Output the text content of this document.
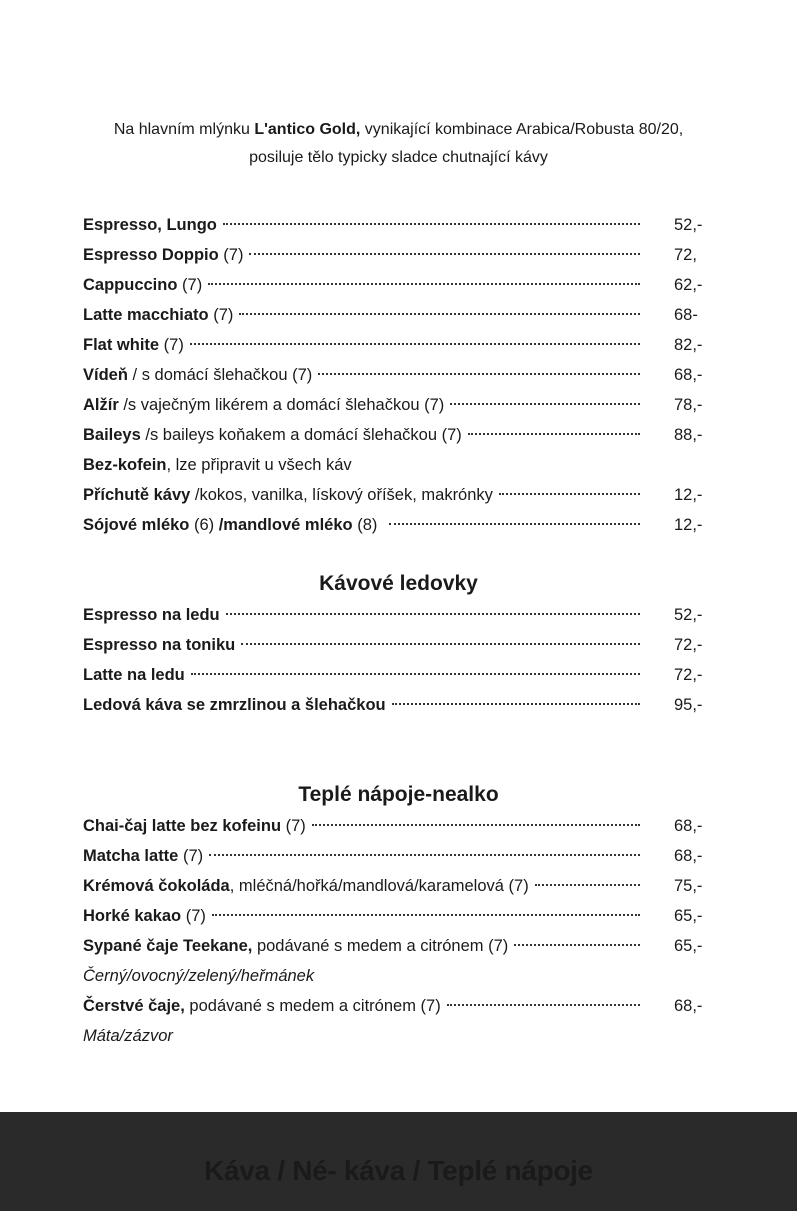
Na hlavním mlýnku L'antico Gold, vynikající kombinace Arabica/Robusta 80/20,
posiluje tělo typicky sladce chutnající kávy
Espresso, Lungo	52,-
Espresso Doppio (7)	72,
Cappuccino (7)	62,-
Latte macchiato (7)	68-
Flat white (7)	82,-
Vídeň / s domácí šlehačkou (7)	68,-
Alžír /s vaječným likérem a domácí šlehačkou (7)	78,-
Baileys /s baileys koňakem a domácí šlehačkou (7)	88,-
Bez-kofein, lze připravit u všech káv
Příchutě kávy /kokos, vanilka, lískový oříšek, makrónky	12,-
Sójové mléko (6) /mandlové mléko (8)	12,-
Kávové ledovky
Espresso na ledu	52,-
Espresso na toniku	72,-
Latte na ledu	72,-
Ledová káva se zmrzlinou a šlehačkou	95,-
Teplé nápoje-nealko
Chai-čaj latte bez kofeinu (7)	68,-
Matcha latte (7)	68,-
Krémová čokoláda, mléčná/hořká/mandlová/karamelová (7)	75,-
Horké kakao (7)	65,-
Sypané čaje Teekane, podávané s medem a citrónem (7)	65,-
Černý/ovocný/zelený/heřmánek
Čerstvé čaje, podávané s medem a citrónem (7)	68,-
Máta/zázvor
Káva / Né- káva / Teplé nápoje
